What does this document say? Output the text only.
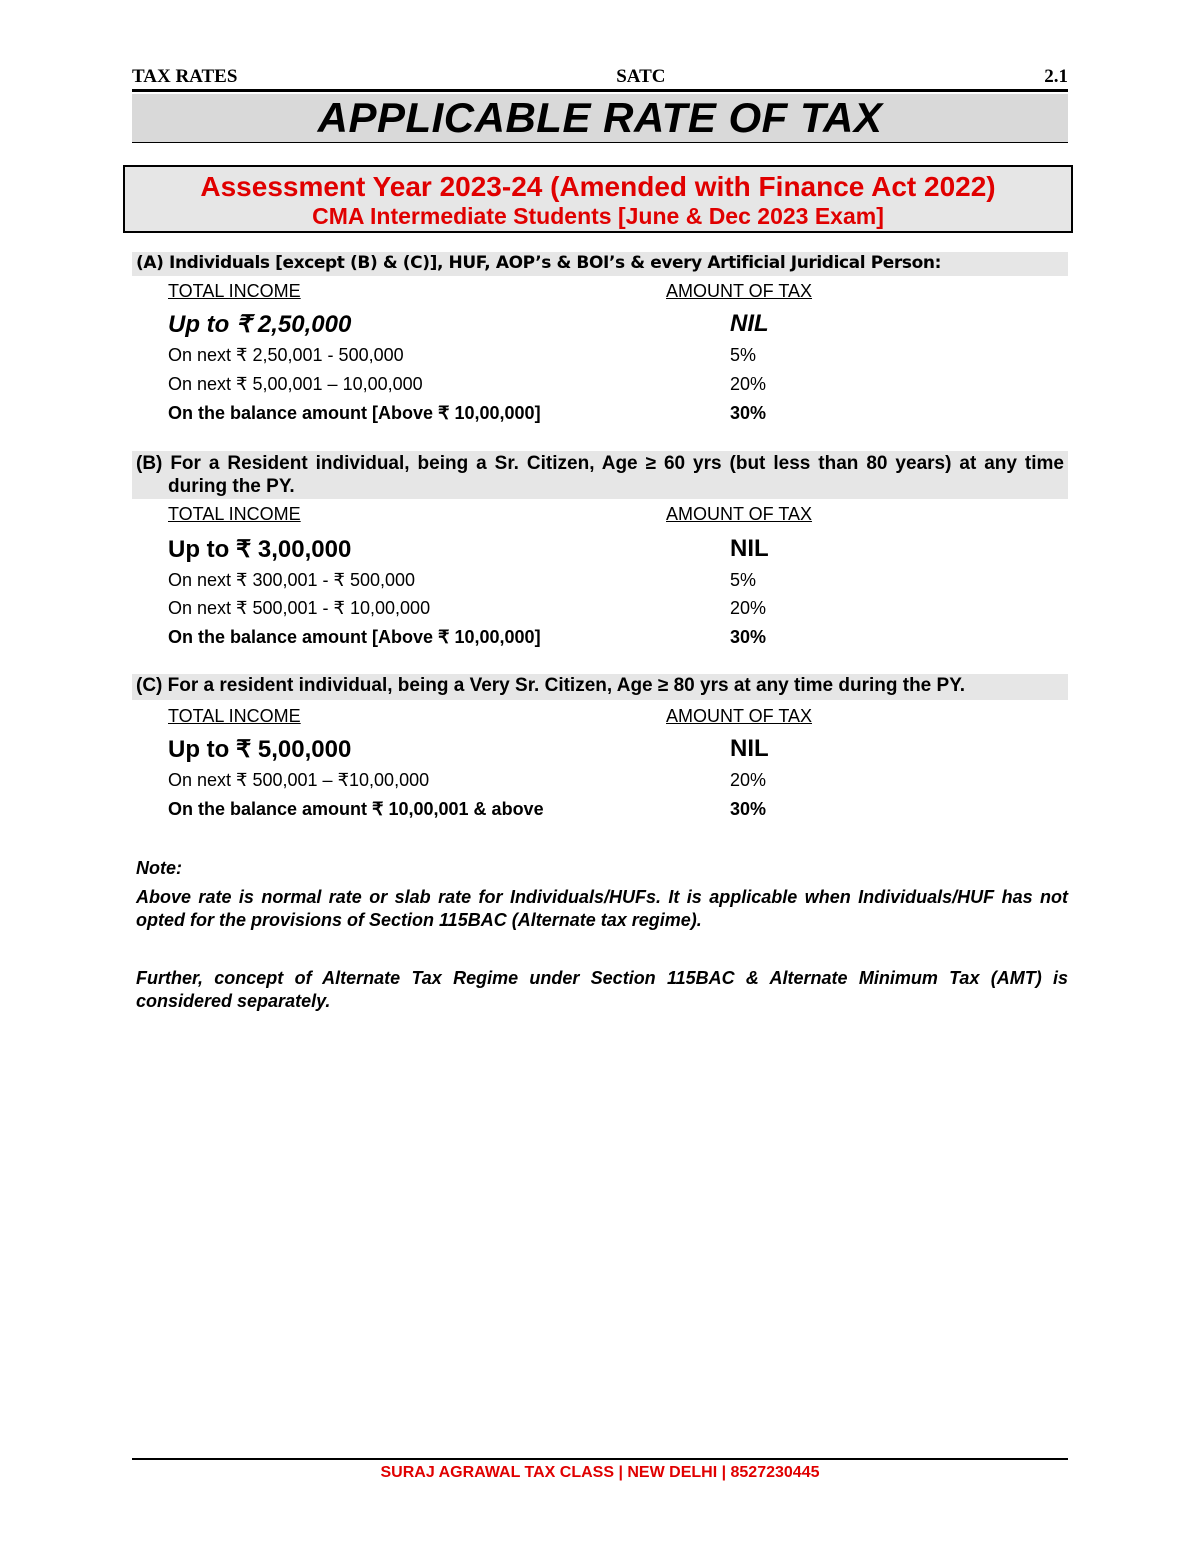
TAX RATES	SATC	2.1
APPLICABLE RATE OF TAX
Assessment Year 2023-24 (Amended with Finance Act 2022)
CMA Intermediate Students [June & Dec 2023 Exam]
(A) Individuals [except (B) & (C)], HUF, AOP’s & BOI’s & every Artificial Juridical Person:
TOTAL INCOME	AMOUNT OF TAX
Up to ₹ 2,50,000	NIL
On next ₹ 2,50,001 - 500,000	5%
On next ₹ 5,00,001 – 10,00,000	20%
On the balance amount [Above ₹ 10,00,000]	30%
(B) For a Resident individual, being a Sr. Citizen, Age ≥ 60 yrs (but less than 80 years) at any time during the PY.
TOTAL INCOME	AMOUNT OF TAX
Up to ₹ 3,00,000	NIL
On next ₹ 300,001 - ₹ 500,000	5%
On next ₹ 500,001 - ₹ 10,00,000	20%
On the balance amount [Above ₹ 10,00,000]	30%
(C) For a resident individual, being a Very Sr. Citizen, Age ≥ 80 yrs at any time during the PY.
TOTAL INCOME	AMOUNT OF TAX
Up to ₹ 5,00,000	NIL
On next ₹ 500,001 – ₹10,00,000	20%
On the balance amount ₹ 10,00,001 & above	30%
Note:
Above rate is normal rate or slab rate for Individuals/HUFs. It is applicable when Individuals/HUF has not opted for the provisions of Section 115BAC (Alternate tax regime).
Further, concept of Alternate Tax Regime under Section 115BAC & Alternate Minimum Tax (AMT) is considered separately.
SURAJ AGRAWAL TAX CLASS | NEW DELHI | 8527230445
